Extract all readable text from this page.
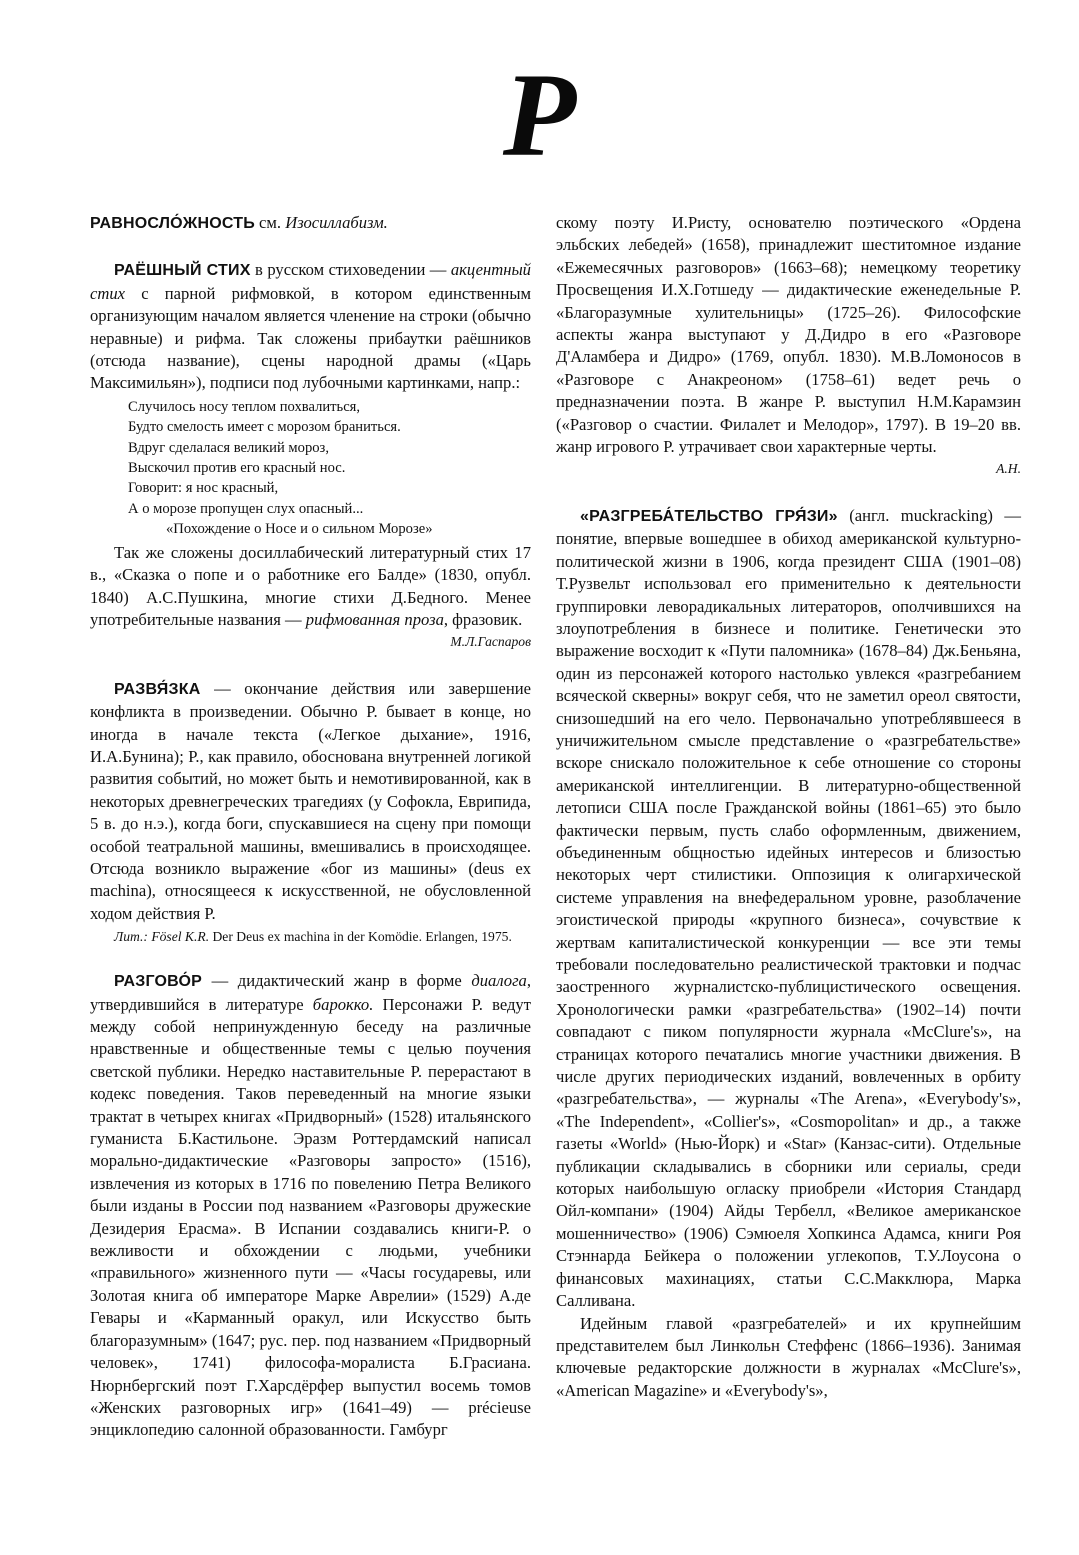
Р

РАВНОСЛО́ЖНОСТЬ см. Изосиллабизм.

РАЁШНЫЙ СТИХ в русском стиховедении — акцентный стих с парной рифмовкой, в котором единственным организующим началом является членение на строки (обычно неравные) и рифма. Так сложены прибаутки раёшников (отсюда название), сцены народной драмы («Царь Максимильян»), подписи под лубочными картинками, напр.:

Случилось носу теплом похвалиться,
Будто смелость имеет с морозом браниться.
Вдруг сделалася великий мороз,
Выскочил против его красный нос.
Говорит: я нос красный,
А о морозе пропущен слух опасный...
«Похождение о Носе и о сильном Морозе»

Так же сложены досиллабический литературный стих 17 в., «Сказка о попе и о работнике его Балде» (1830, опубл. 1840) А.С.Пушкина, многие стихи Д.Бедного. Менее употребительные названия — рифмованная проза, фразовик.
М.Л.Гаспаров

РАЗВЯ́ЗКА — окончание действия или завершение конфликта в произведении. Обычно Р. бывает в конце, но иногда в начале текста («Легкое дыхание», 1916, И.А.Бунина); Р., как правило, обоснована внутренней логикой развития событий, но может быть и немотивированной, как в некоторых древнегреческих трагедиях (у Софокла, Еврипида, 5 в. до н.э.), когда боги, спускавшиеся на сцену при помощи особой театральной машины, вмешивались в происходящее. Отсюда возникло выражение «бог из машины» (deus ex machina), относящееся к искусственной, не обусловленной ходом действия Р.

Лит.: Fösel K.R. Der Deus ex machina in der Komödie. Erlangen, 1975.

РАЗГОВО́Р — дидактический жанр в форме диалога, утвердившийся в литературе барокко. Персонажи Р. ведут между собой непринужденную беседу на различные нравственные и общественные темы с целью поучения светской публики. Нередко наставительные Р. перерастают в кодекс поведения. Таков переведенный на многие языки трактат в четырех книгах «Придворный» (1528) итальянского гуманиста Б.Кастильоне. Эразм Роттердамский написал морально-дидактические «Разговоры запросто» (1516), извлечения из которых в 1716 по повелению Петра Великого были изданы в России под названием «Разговоры дружеские Дезидерия Ерасма». В Испании создавались книги-Р. о вежливости и обхождении с людьми, учебники «правильного» жизненного пути — «Часы государевы, или Золотая книга об императоре Марке Аврелии» (1529) А.де Гевары и «Карманный оракул, или Искусство быть благоразумным» (1647; рус. пер. под названием «Придворный человек», 1741) философа-моралиста Б.Грасиана. Нюрнбергский поэт Г.Харсдёрфер выпустил восемь томов «Женских разговорных игр» (1641–49) — précieuse энциклопедию салонной образованности. Гамбург

скому поэту И.Ристу, основателю поэтического «Ордена эльбских лебедей» (1658), принадлежит шеститомное издание «Ежемесячных разговоров» (1663–68); немецкому теоретику Просвещения И.Х.Готшеду — дидактические еженедельные Р. «Благоразумные хулительницы» (1725–26). Философские аспекты жанра выступают у Д.Дидро в его «Разговоре Д'Аламбера и Дидро» (1769, опубл. 1830). М.В.Ломоносов в «Разговоре с Анакреоном» (1758–61) ведет речь о предназначении поэта. В жанре Р. выступил Н.М.Карамзин («Разговор о счастии. Филалет и Мелодор», 1797). В 19–20 вв. жанр игрового Р. утрачивает свои характерные черты.
А.Н.

«РАЗГРЕБА́ТЕЛЬСТВО ГРЯ́ЗИ» (англ. muckracking) — понятие, впервые вошедшее в обиход американской культурно-политической жизни в 1906, когда президент США (1901–08) Т.Рузвельт использовал его применительно к деятельности группировки леворадикальных литераторов, ополчившихся на злоупотребления в бизнесе и политике. Генетически это выражение восходит к «Пути паломника» (1678–84) Дж.Беньяна, один из персонажей которого настолько увлекся «разгребанием всяческой скверны» вокруг себя, что не заметил ореол святости, снизошедший на его чело. Первоначально употреблявшееся в уничижительном смысле представление о «разгребательстве» вскоре снискало положительное к себе отношение со стороны американской интеллигенции. В литературно-общественной летописи США после Гражданской войны (1861–65) это было фактически первым, пусть слабо оформленным, движением, объединенным общностью идейных интересов и близостью некоторых черт стилистики. Оппозиция к олигархической системе управления на внефедеральном уровне, разоблачение эгоистической природы «крупного бизнеса», сочувствие к жертвам капиталистической конкуренции — все эти темы требовали последовательно реалистической трактовки и подчас заостренного журналистско-публицистического освещения. Хронологически рамки «разгребательства» (1902–14) почти совпадают с пиком популярности журнала «McClure's», на страницах которого печатались многие участники движения. В числе других периодических изданий, вовлеченных в орбиту «разгребательства», — журналы «The Arena», «Everybody's», «The Independent», «Collier's», «Cosmopolitan» и др., а также газеты «World» (Нью-Йорк) и «Star» (Канзас-сити). Отдельные публикации складывались в сборники или сериалы, среди которых наибольшую огласку приобрели «История Стандард Ойл-компани» (1904) Айды Тербелл, «Великое американское мошенничество» (1906) Сэмюеля Хопкинса Адамса, книги Роя Стэннарда Бейкера о положении углекопов, Т.У.Лоусона о финансовых махинациях, статьи С.С.Макклюра, Марка Салливана.

Идейным главой «разгребателей» и их крупнейшим представителем был Линкольн Стеффенс (1866–1936). Занимая ключевые редакторские должности в журналах «McClure's», «American Magazine» и «Everybody's»,
